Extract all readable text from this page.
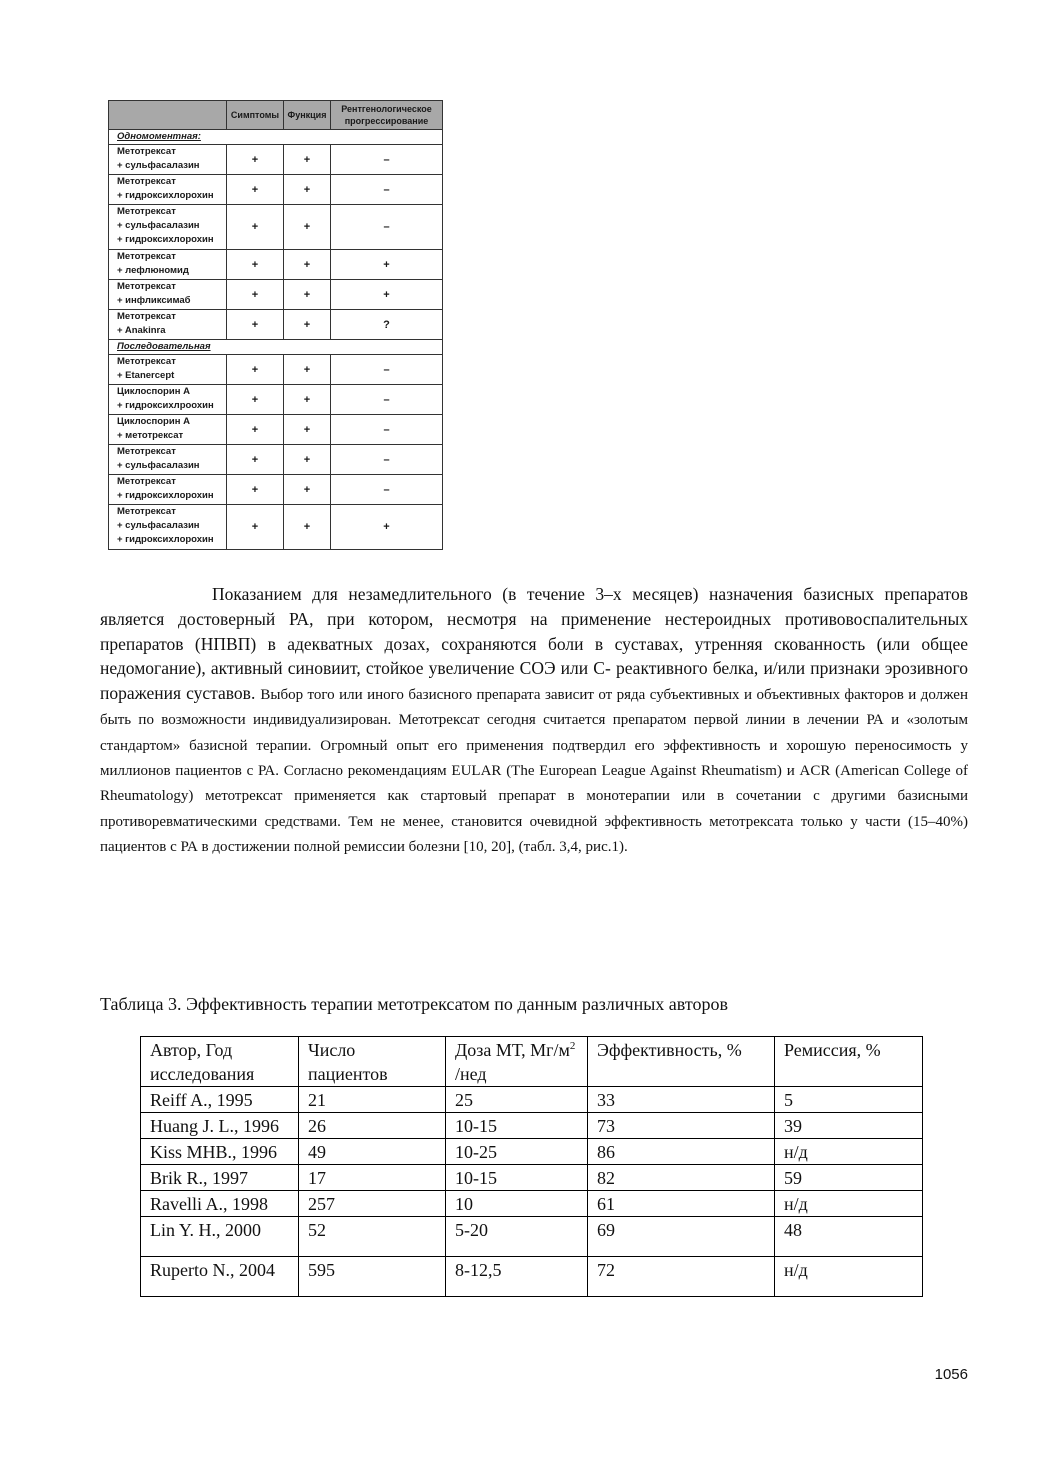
	Симптомы	Функция	Рентгенологическое прогрессирование
Одномоментная:			

Метотрексат
+ сульфасалазин	+	+	–

Метотрексат
+ гидроксихлорохин	+	+	–

Метотрексат
+ сульфасалазин
+ гидроксихлорохин	+	+	–

Метотрексат
+ лефлюномид	+	+	+

Метотрексат
+ инфликсимаб	+	+	+

Метотрексат
+ Anakinra	+	+	?
Последовательная			

Метотрексат
+ Etanercept	+	+	–

Циклоспорин А
+ гидроксихлроохин	+	+	–

Циклоспорин А
+ метотрексат	+	+	–

Метотрексат
+ сульфасалазин	+	+	–

Метотрексат
+ гидроксихлорохин	+	+	–

Метотрексат
+ сульфасалазин
+ гидроксихлорохин	+	+	+

Показанием для незамедлительного (в течение 3–х месяцев) назначения базисных препаратов является достоверный РА, при котором, несмотря на применение нестероидных противовоспалительных препаратов (НПВП) в адекватных дозах, сохраняются боли в суставах, утренняя скованность (или общее недомогание), активный синовиит, стойкое увеличение СОЭ или С- реактивного белка, и/или признаки эрозивного поражения суставов. Выбор того или иного базисного препарата зависит от ряда субъективных и объективных факторов и должен быть по возможности индивидуализирован. Метотрексат сегодня считается препаратом первой линии в лечении РА и «золотым стандартом» базисной терапии. Огромный опыт его применения подтвердил его эффективность и хорошую переносимость у миллионов пациентов с РА. Согласно рекомендациям EULAR (The European League Against Rheumatism) и ACR (American College of Rheumatology) метотрексат применяется как стартовый препарат в монотерапии или в сочетании с другими базисными противоревматическими средствами. Тем не менее, становится очевидной эффективность метотрексата только у части (15–40%) пациентов с РА в достижении полной ремиссии болезни [10, 20], (табл. 3,4, рис.1).

Таблица 3. Эффективность терапии метотрексатом по данным различных авторов

Автор, Год исследования	Число пациентов	Доза МТ, $Мг/м^2$ /нед	Эффективность, %	Ремиссия, %
Reiff A., 1995	21	25	33	5
Huang J. L., 1996	26	10-15	73	39
Kiss MHB., 1996	49	10-25	86	н/д
Brik R., 1997	17	10-15	82	59
Ravelli A., 1998	257	10	61	н/д
Lin Y. H., 2000	52	5-20	69	48
Ruperto N., 2004	595	8-12,5	72	н/д
1056
